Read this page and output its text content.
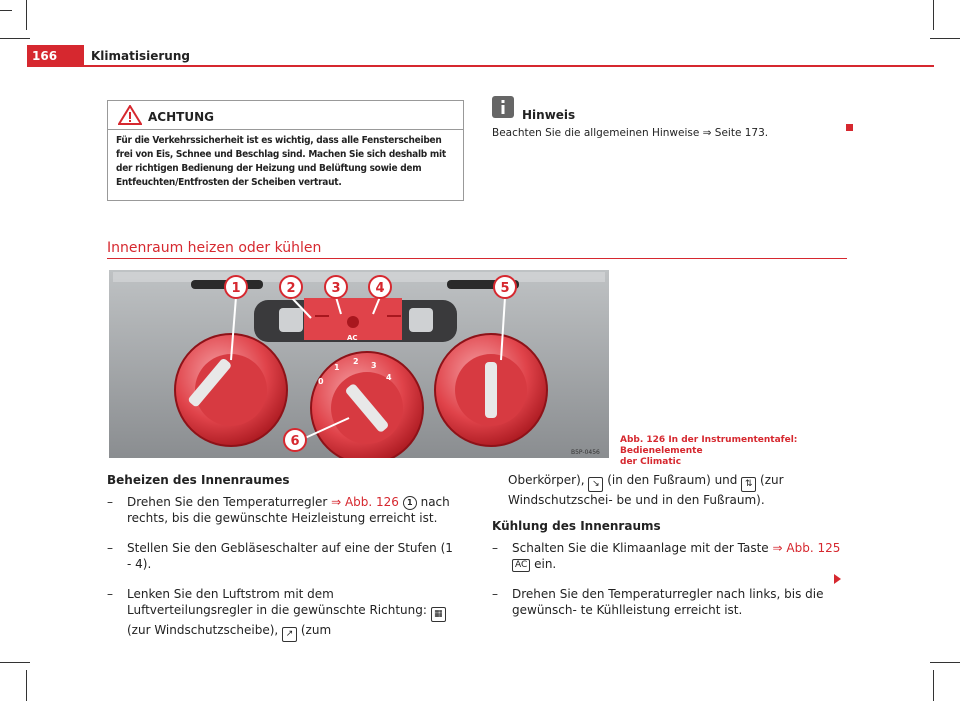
166	Klimatisierung
ACHTUNG
Für die Verkehrssicherheit ist es wichtig, dass alle Fensterscheiben frei von Eis, Schnee und Beschlag sind. Machen Sie sich deshalb mit der richtigen Bedienung der Heizung und Belüftung sowie dem Entfeuchten/Entfrosten der Scheiben vertraut.
Hinweis
Beachten Sie die allgemeinen Hinweise ⇒ Seite 173.
Innenraum heizen oder kühlen
AC
0
1
2 3
4
1	2	3	4	5
6
B5P-0456
Abb. 126 In der Instrumententafel: Bedienelemente
der Climatic

Beheizen des Innenraumes

– Drehen Sie den Temperaturregler ⇒ Abb. 126 1 nach rechts, bis die gewünschte Heizleistung erreicht ist.

– Stellen Sie den Gebläseschalter auf eine der Stufen (1 - 4).

– Lenken Sie den Luftstrom mit dem Luftverteilungsregler in die gewünschte Richtung: ▦ (zur Windschutzscheibe), ↗ (zum

Oberkörper), ↘ (in den Fußraum) und ⇅ (zur Windschutzschei- be und in den Fußraum).

Kühlung des Innenraums

– Schalten Sie die Klimaanlage mit der Taste ⇒ Abb. 125 AC ein.

– Drehen Sie den Temperaturregler nach links, bis die gewünsch- te Kühlleistung erreicht ist.
